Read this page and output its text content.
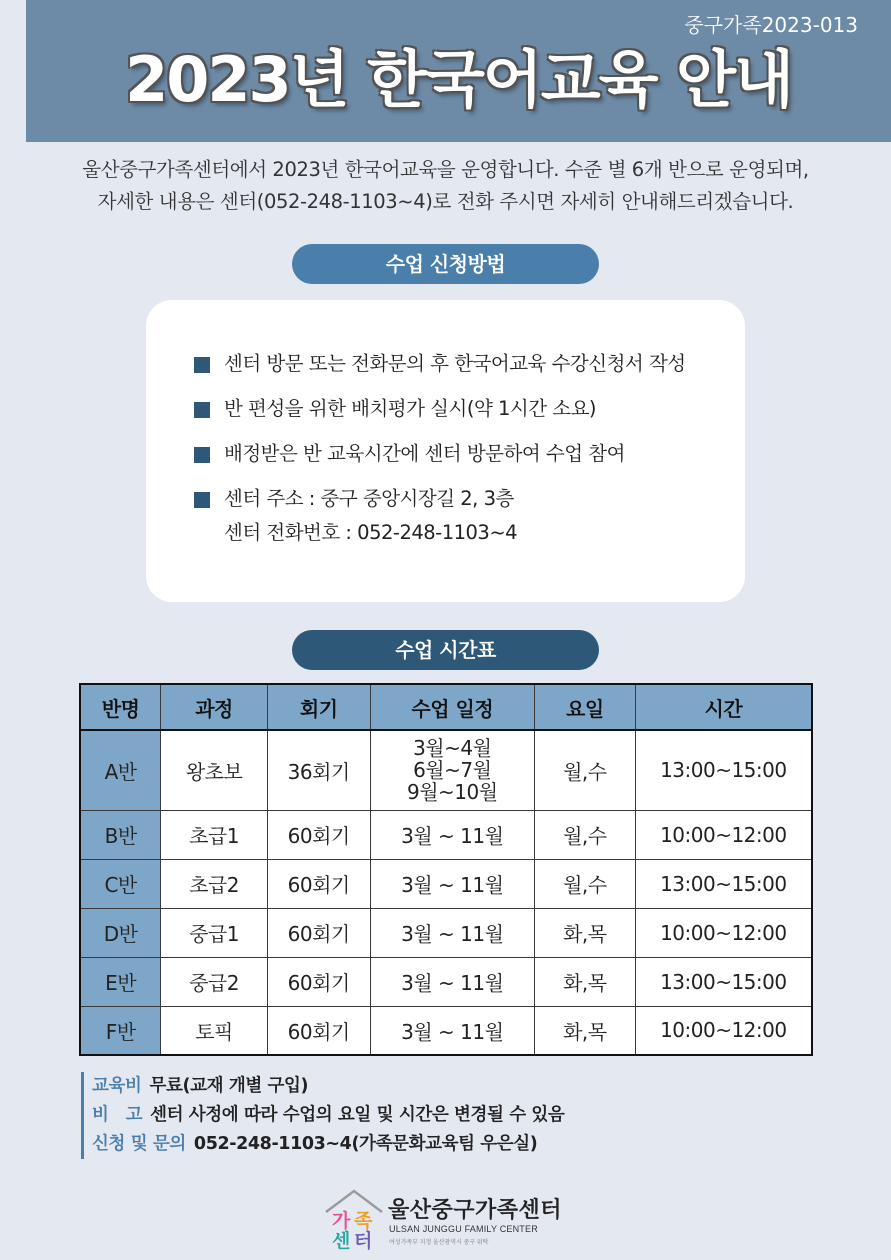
중구가족2023-013
2023년 한국어교육 안내
울산중구가족센터에서 2023년 한국어교육을 운영합니다. 수준 별 6개 반으로 운영되며,
자세한 내용은 센터(052-248-1103~4)로 전화 주시면 자세히 안내해드리겠습니다.
수업 신청방법
센터 방문 또는 전화문의 후 한국어교육 수강신청서 작성
반 편성을 위한 배치평가 실시(약 1시간 소요)
배정받은 반 교육시간에 센터 방문하여 수업 참여
센터 주소 : 중구 중앙시장길 2, 3층
센터 전화번호 : 052-248-1103~4
수업 시간표
반명	과정	회기	수업 일정	요일	시간
A반	왕초보	36회기	3월~4월
6월~7월
9월~10월	월,수	13:00~15:00
B반	초급1	60회기	3월 ~ 11월	월,수	10:00~12:00
C반	초급2	60회기	3월 ~ 11월	월,수	13:00~15:00
D반	중급1	60회기	3월 ~ 11월	화,목	10:00~12:00
E반	중급2	60회기	3월 ~ 11월	화,목	13:00~15:00
F반	토픽	60회기	3월 ~ 11월	화,목	10:00~12:00
교육비 무료(교재 개별 구입)
비   고 센터 사정에 따라 수업의 요일 및 시간은 변경될 수 있음
신청 및 문의 052-248-1103~4(가족문화교육팀 우은실)
가 족
센 터
울산중구가족센터
ULSAN JUNGGU FAMILY CENTER
여성가족부 지정 울산광역시 중구 위탁
